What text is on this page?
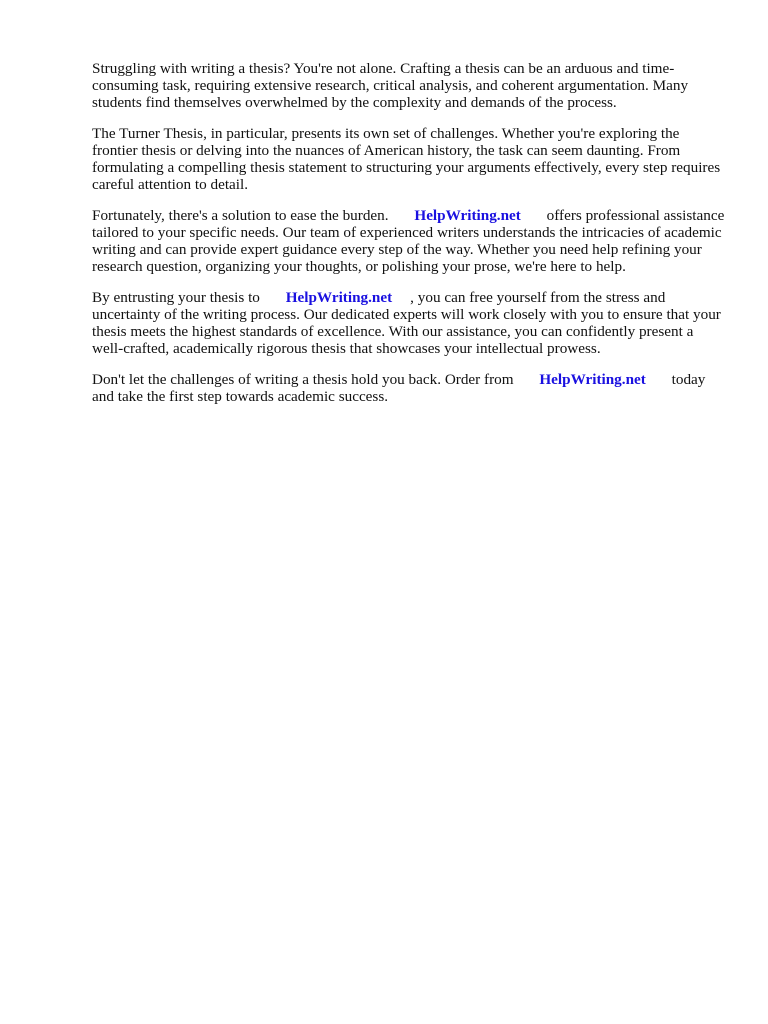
Struggling with writing a thesis? You're not alone. Crafting a thesis can be an arduous and time-consuming task, requiring extensive research, critical analysis, and coherent argumentation. Many students find themselves overwhelmed by the complexity and demands of the process.

The Turner Thesis, in particular, presents its own set of challenges. Whether you're exploring the frontier thesis or delving into the nuances of American history, the task can seem daunting. From formulating a compelling thesis statement to structuring your arguments effectively, every step requires careful attention to detail.

Fortunately, there's a solution to ease the burden. HelpWriting.net offers professional assistance tailored to your specific needs. Our team of experienced writers understands the intricacies of academic writing and can provide expert guidance every step of the way. Whether you need help refining your research question, organizing your thoughts, or polishing your prose, we're here to help.

By entrusting your thesis to HelpWriting.net , you can free yourself from the stress and uncertainty of the writing process. Our dedicated experts will work closely with you to ensure that your thesis meets the highest standards of excellence. With our assistance, you can confidently present a well-crafted, academically rigorous thesis that showcases your intellectual prowess.

Don't let the challenges of writing a thesis hold you back. Order from HelpWriting.net today and take the first step towards academic success.
